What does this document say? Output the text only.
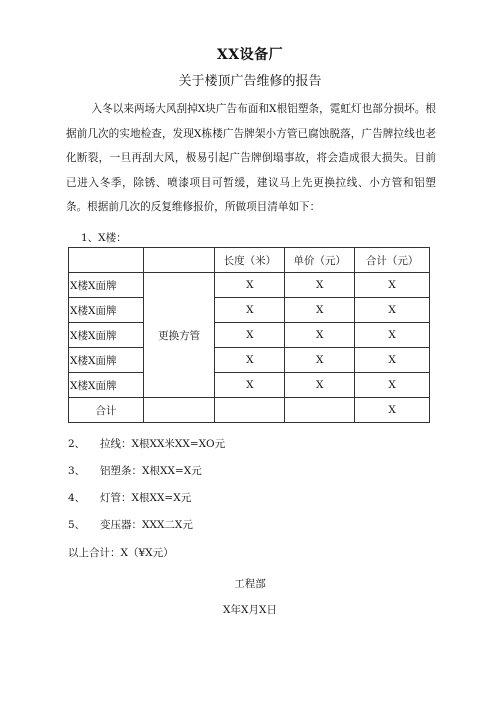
XX设备厂
关于楼顶广告维修的报告

入冬以来两场大风刮掉X块广告布面和X根铝塑条，霓虹灯也部分损坏。根据前几次的实地检查，发现X栋楼广告牌架小方管已腐蚀脱落，广告牌拉线也老化断裂，一旦再刮大风，极易引起广告牌倒塌事故，将会造成很大损失。目前已进入冬季，除锈、喷漆项目可暂缓，建议马上先更换拉线、小方管和铝塑条。根据前几次的反复维修报价，所做项目清单如下：

1、X楼：
		长度（米）	单价（元）	合计（元）
X楼X面牌	更换方管	X	X	X
X楼X面牌		X	X	X
X楼X面牌		X	X	X
X楼X面牌		X	X	X
X楼X面牌		X	X	X
合计				X
2、 拉线：X根XX米XX=XO元
3、 铝塑条：X根XX=X元
4、 灯管：X根XX=X元
5、 变压器：XXX二X元
以上合计：X（¥X元）
工程部
X年X月X日
